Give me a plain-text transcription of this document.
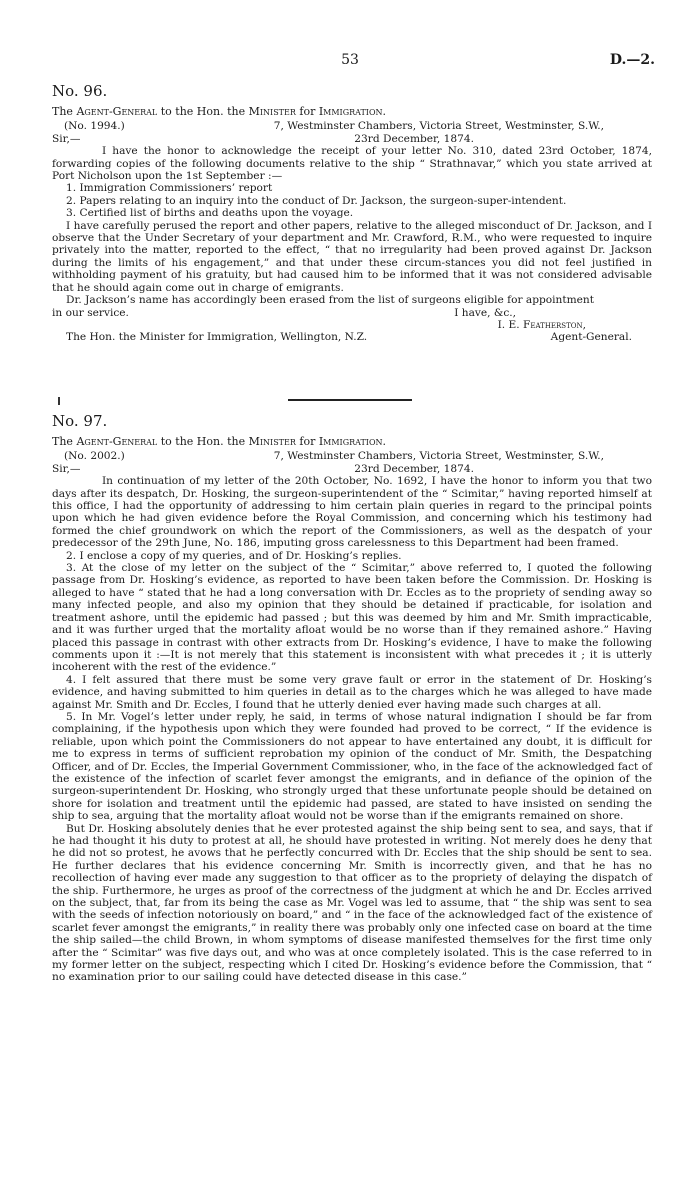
53	D.—2.

No. 96.

The Agent-General to the Hon. the Minister for Immigration.

(No. 1994.)	7, Westminster Chambers, Victoria Street, Westminster, S.W.,

Sir,—	23rd December, 1874.

I have the honor to acknowledge the receipt of your letter No. 310, dated 23rd October, 1874, forwarding copies of the following documents relative to the ship “ Strathnavar,” which you state arrived at Port Nicholson upon the 1st September :—

1. Immigration Commissioners’ report

2. Papers relating to an inquiry into the conduct of Dr. Jackson, the surgeon-super-intendent.

3. Certified list of births and deaths upon the voyage.

I have carefully perused the report and other papers, relative to the alleged misconduct of Dr. Jackson, and I observe that the Under Secretary of your department and Mr. Crawford, R.M., who were requested to inquire privately into the matter, reported to the effect, “ that no irregularity had been proved against Dr. Jackson during the limits of his engagement,” and that under these circum-stances you did not feel justified in withholding payment of his gratuity, but had caused him to be informed that it was not considered advisable that he should again come out in charge of emigrants.

Dr. Jackson’s name has accordingly been erased from the list of surgeons eligible for appointment

in our service.	I have, &c.,

I. E. Featherston,

The Hon. the Minister for Immigration, Wellington, N.Z.	Agent-General.

No. 97.

The Agent-General to the Hon. the Minister for Immigration.

(No. 2002.)	7, Westminster Chambers, Victoria Street, Westminster, S.W.,

Sir,—	23rd December, 1874.

In continuation of my letter of the 20th October, No. 1692, I have the honor to inform you that two days after its despatch, Dr. Hosking, the surgeon-superintendent of the “ Scimitar,” having reported himself at this office, I had the opportunity of addressing to him certain plain queries in regard to the principal points upon which he had given evidence before the Royal Commission, and concerning which his testimony had formed the chief groundwork on which the report of the Commissioners, as well as the despatch of your predecessor of the 29th June, No. 186, imputing gross carelessness to this Department had been framed.

2. I enclose a copy of my queries, and of Dr. Hosking’s replies.

3. At the close of my letter on the subject of the “ Scimitar,” above referred to, I quoted the following passage from Dr. Hosking’s evidence, as reported to have been taken before the Commission. Dr. Hosking is alleged to have “ stated that he had a long conversation with Dr. Eccles as to the propriety of sending away so many infected people, and also my opinion that they should be detained if practicable, for isolation and treatment ashore, until the epidemic had passed ; but this was deemed by him and Mr. Smith impracticable, and it was further urged that the mortality afloat would be no worse than if they remained ashore.” Having placed this passage in contrast with other extracts from Dr. Hosking’s evidence, I have to make the following comments upon it :—It is not merely that this statement is inconsistent with what precedes it ; it is utterly incoherent with the rest of the evidence.”

4. I felt assured that there must be some very grave fault or error in the statement of Dr. Hosking’s evidence, and having submitted to him queries in detail as to the charges which he was alleged to have made against Mr. Smith and Dr. Eccles, I found that he utterly denied ever having made such charges at all.

5. In Mr. Vogel’s letter under reply, he said, in terms of whose natural indignation I should be far from complaining, if the hypothesis upon which they were founded had proved to be correct, “ If the evidence is reliable, upon which point the Commissioners do not appear to have entertained any doubt, it is difficult for me to express in terms of sufficient reprobation my opinion of the conduct of Mr. Smith, the Despatching Officer, and of Dr. Eccles, the Imperial Government Commissioner, who, in the face of the acknowledged fact of the existence of the infection of scarlet fever amongst the emigrants, and in defiance of the opinion of the surgeon-superintendent Dr. Hosking, who strongly urged that these unfortunate people should be detained on shore for isolation and treatment until the epidemic had passed, are stated to have insisted on sending the ship to sea, arguing that the mortality afloat would not be worse than if the emigrants remained on shore.

But Dr. Hosking absolutely denies that he ever protested against the ship being sent to sea, and says, that if he had thought it his duty to protest at all, he should have protested in writing. Not merely does he deny that he did not so protest, he avows that he perfectly concurred with Dr. Eccles that the ship should be sent to sea. He further declares that his evidence concerning Mr. Smith is incorrectly given, and that he has no recollection of having ever made any suggestion to that officer as to the propriety of delaying the dispatch of the ship. Furthermore, he urges as proof of the correctness of the judgment at which he and Dr. Eccles arrived on the subject, that, far from its being the case as Mr. Vogel was led to assume, that “ the ship was sent to sea with the seeds of infection notoriously on board,” and “ in the face of the acknowledged fact of the existence of scarlet fever amongst the emigrants,” in reality there was probably only one infected case on board at the time the ship sailed—the child Brown, in whom symptoms of disease manifested themselves for the first time only after the “ Scimitar” was five days out, and who was at once completely isolated. This is the case referred to in my former letter on the subject, respecting which I cited Dr. Hosking’s evidence before the Commission, that “ no examination prior to our sailing could have detected disease in this case.”
